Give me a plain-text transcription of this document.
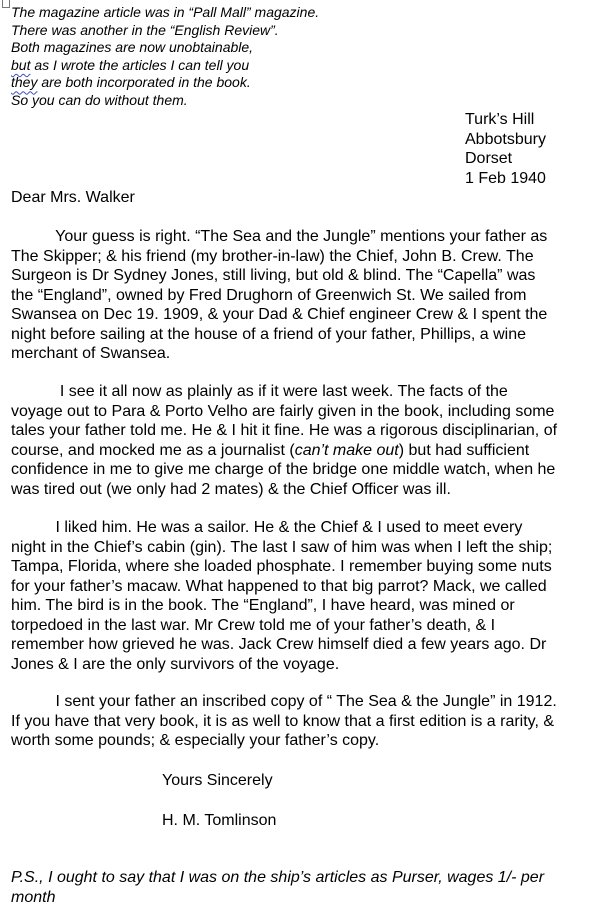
The magazine article was in “Pall Mall” magazine.
There was another in the “English Review”.
Both magazines are now unobtainable,
but as I wrote the articles I can tell you
they are both incorporated in the book.
So you can do without them.
Turk’s Hill
Abbotsbury
Dorset
1 Feb 1940
Dear Mrs. Walker
Your guess is right. “The Sea and the Jungle” mentions your father as
The Skipper; & his friend (my brother-in-law) the Chief, John B. Crew. The
Surgeon is Dr Sydney Jones, still living, but old & blind. The “Capella” was
the “England”, owned by Fred Drughorn of Greenwich St. We sailed from
Swansea on Dec 19. 1909, & your Dad & Chief engineer Crew & I spent the
night before sailing at the house of a friend of your father, Phillips, a wine
merchant of Swansea.
I see it all now as plainly as if it were last week. The facts of the
voyage out to Para & Porto Velho are fairly given in the book, including some
tales your father told me. He & I hit it fine. He was a rigorous disciplinarian, of
course, and mocked me as a journalist (can’t make out) but had sufficient
confidence in me to give me charge of the bridge one middle watch, when he
was tired out (we only had 2 mates) & the Chief Officer was ill.
I liked him. He was a sailor. He & the Chief & I used to meet every
night in the Chief’s cabin (gin). The last I saw of him was when I left the ship;
Tampa, Florida, where she loaded phosphate. I remember buying some nuts
for your father’s macaw. What happened to that big parrot? Mack, we called
him. The bird is in the book. The “England”, I have heard, was mined or
torpedoed in the last war. Mr Crew told me of your father’s death, & I
remember how grieved he was. Jack Crew himself died a few years ago. Dr
Jones & I are the only survivors of the voyage.
I sent your father an inscribed copy of “ The Sea & the Jungle” in 1912.
If you have that very book, it is as well to know that a first edition is a rarity, &
worth some pounds; & especially your father’s copy.
Yours Sincerely
H. M. Tomlinson
P.S., I ought to say that I was on the ship’s articles as Purser, wages 1/- per
month
